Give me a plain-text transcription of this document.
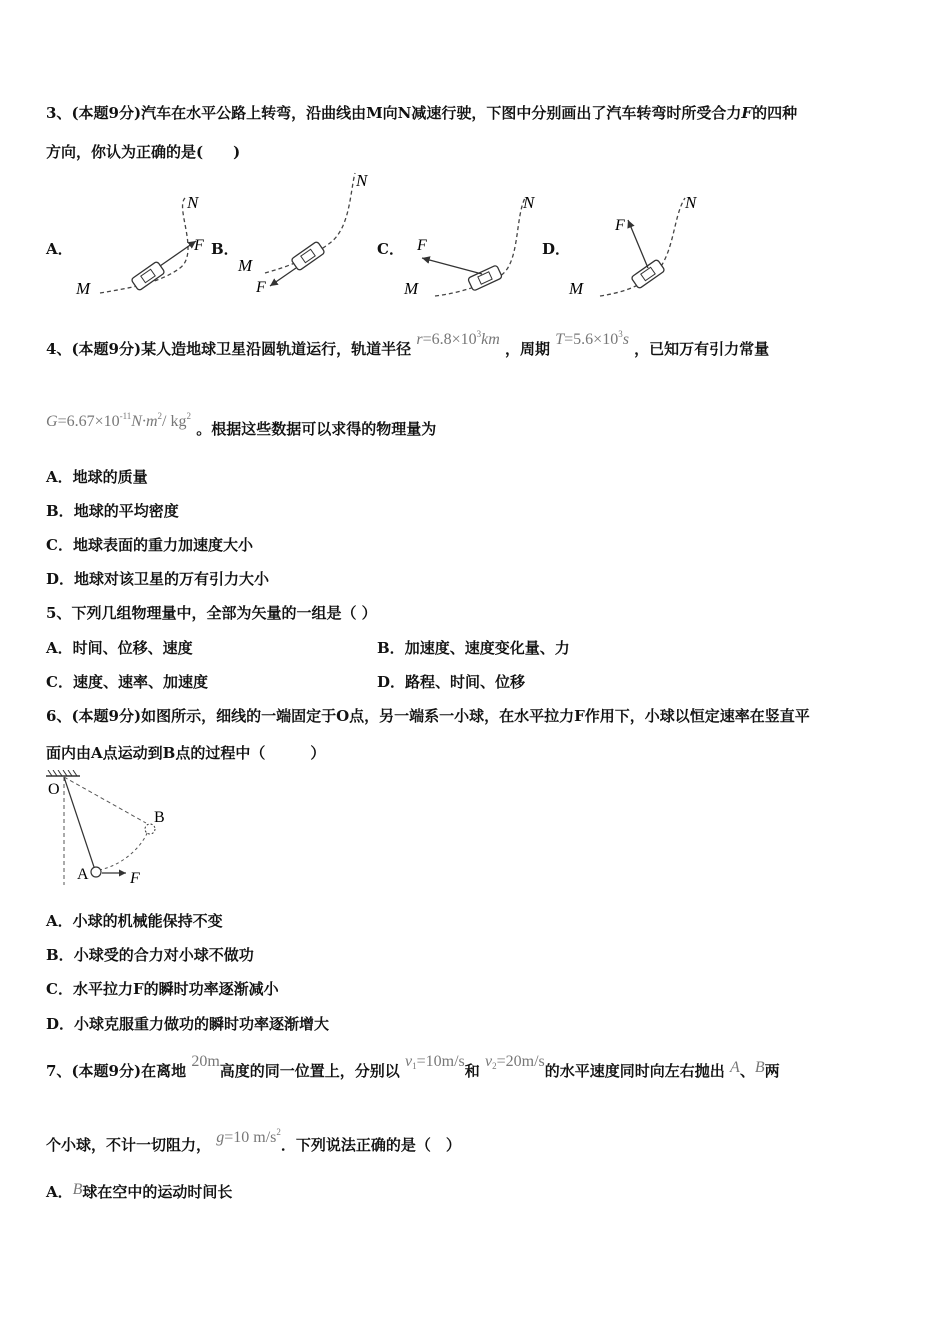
3、(本题9分)汽车在水平公路上转弯，沿曲线由M向N减速行驶，下图中分别画出了汽车转弯时所受合力F的四种
方向，你认为正确的是(　　)
A．	B．	C．	D．
M
N
F
M
N
F	M
N
F
M
N
F
4、(本题9分)某人造地球卫星沿圆轨道运行，轨道半径 $r=6.8\times 10^3km$ ，周期 $T=5.6\times 10^3s$ ，已知万有引力常量
$G=6.67\times 10^{-11}N\cdot m^2/$ $kg^2$ 。根据这些数据可以求得的物理量为
A．地球的质量
B．地球的平均密度
C．地球表面的重力加速度大小
D．地球对该卫星的万有引力大小
5、下列几组物理量中，全部为矢量的一组是（ ）
A．时间、位移、速度	B．加速度、速度变化量、力
C．速度、速率、加速度	D．路程、时间、位移
6、(本题9分)如图所示，细线的一端固定于O点，另一端系一小球，在水平拉力F作用下，小球以恒定速率在竖直平
面内由A点运动到B点的过程中（　　　）
O
B
A	F
A．小球的机械能保持不变
B．小球受的合力对小球不做功
C．水平拉力F的瞬时功率逐渐减小
D．小球克服重力做功的瞬时功率逐渐增大
7、(本题9分)在离地 20m高度的同一位置上，分别以 $v_1=10m/s$和 $v_2=20m/s$的水平速度同时向左右抛出 A、B两
个小球，不计一切阻力， g=10 $m/s^2$．下列说法正确的是（　）
A．B球在空中的运动时间长
